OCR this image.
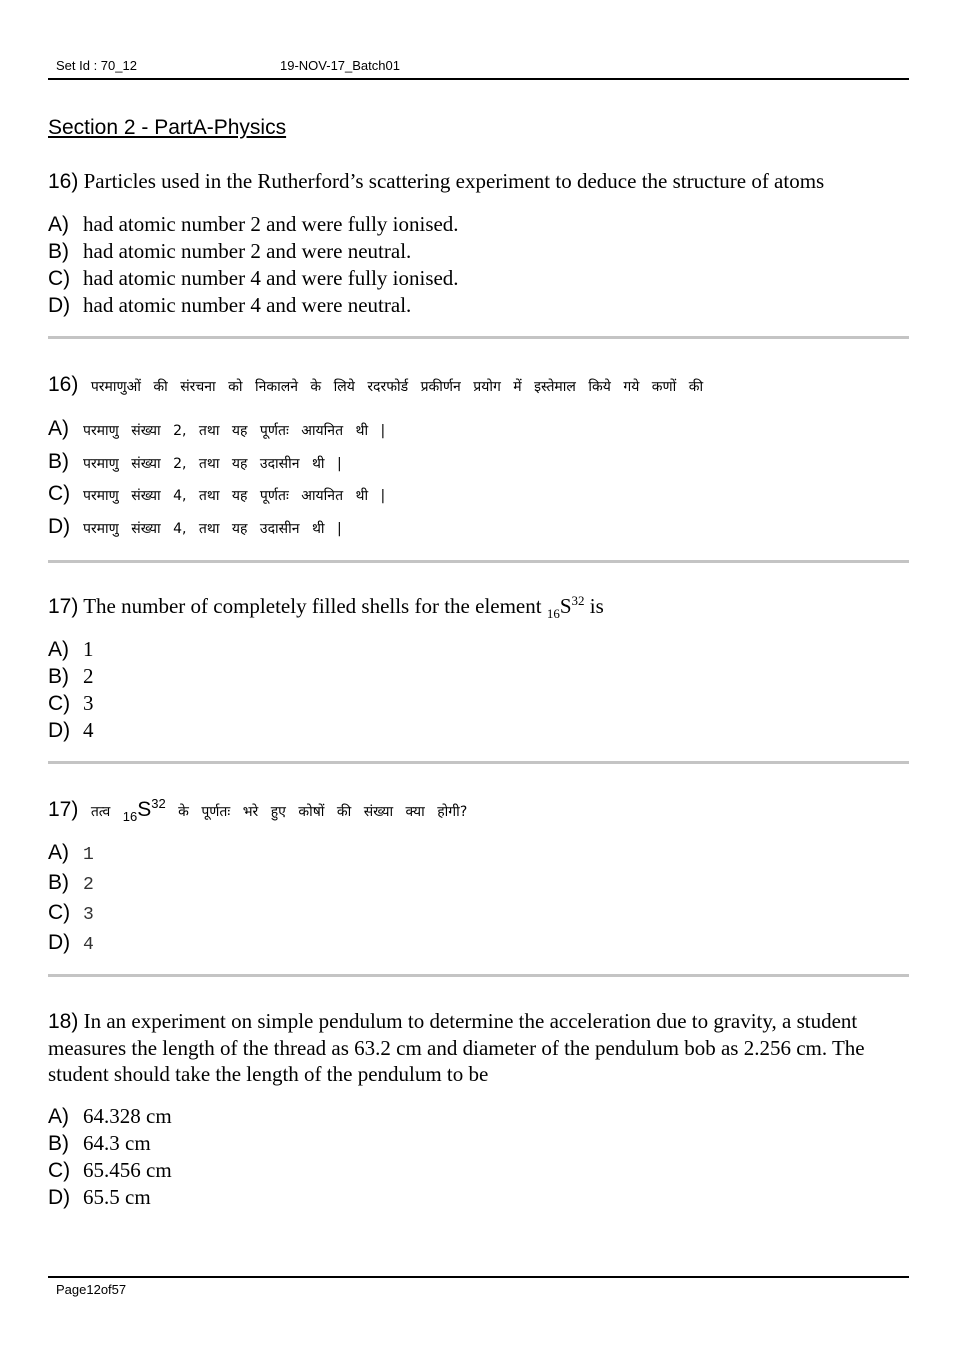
Set Id : 70_12	19-NOV-17_Batch01
Section 2 - PartA-Physics
16) Particles used in the Rutherford’s scattering experiment to deduce the structure of atoms
A) had atomic number 2 and were fully ionised.
B) had atomic number 2 and were neutral.
C) had atomic number 4 and were fully ionised.
D) had atomic number 4 and were neutral.
16) परमाणुओं की संरचना को निकालने के लिये रदरफोर्ड प्रकीर्णन प्रयोग में इस्तेमाल किये गये कणों की
A) परमाणु संख्या 2, तथा यह पूर्णतः आयनित थी |
B) परमाणु संख्या 2, तथा यह उदासीन थी |
C) परमाणु संख्या 4, तथा यह पूर्णतः आयनित थी |
D) परमाणु संख्या 4, तथा यह उदासीन थी |
17) The number of completely filled shells for the element $_{16}S^{32}$ is
A) 1
B) 2
C) 3
D) 4
17) तत्व $_{16}S^{32}$ के पूर्णतः भरे हुए कोषों की संख्या क्या होगी?
A) 1
B) 2
C) 3
D) 4
18) In an experiment on simple pendulum to determine the acceleration due to gravity, a student measures the length of the thread as 63.2 cm and diameter of the pendulum bob as 2.256 cm. The student should take the length of the pendulum to be
A) 64.328 cm
B) 64.3 cm
C) 65.456 cm
D) 65.5 cm
Page12of57
